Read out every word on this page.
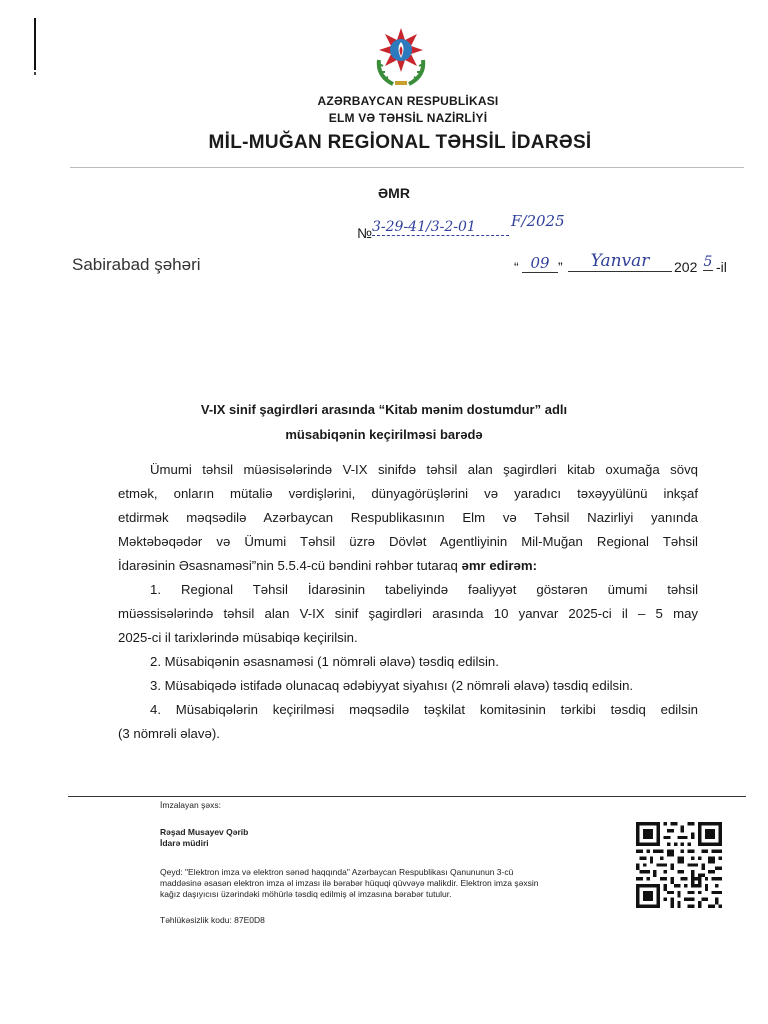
AZƏRBAYCAN RESPUBLİKASI
ELM VƏ TƏHSİL NAZİRLİYİ
MİL-MUĞAN REGİONAL TƏHSİL İDARƏSİ
ƏMR
№ 3-29-41/3-2-01	F/2025
Sabirabad şəhəri	“ 09 ”	Yanvar	202 5 -il
V-IX sinif şagirdləri arasında “Kitab mənim dostumdur” adlı
müsabiqənin keçirilməsi barədə
Ümumi təhsil müəsisələrində V-IX sinifdə təhsil alan şagirdləri kitab oxumağa sövq
etmək, onların mütaliə vərdişlərini, dünyagörüşlərini və yaradıcı təxəyyülünü inkşaf
etdirmək məqsədilə Azərbaycan Respublikasının Elm və Təhsil Nazirliyi yanında
Məktəbəqədər və Ümumi Təhsil üzrə Dövlət Agentliyinin Mil-Muğan Regional Təhsil
İdarəsinin Əsasnaməsi”nin 5.5.4-cü bəndini rəhbər tutaraq əmr edirəm:
1. Regional Təhsil İdarəsinin tabeliyində fəaliyyət göstərən ümumi təhsil
müəssisələrində təhsil alan V-IX sinif şagirdləri arasında 10 yanvar 2025-ci il – 5 may
2025-ci il tarixlərində müsabiqə keçirilsin.
2. Müsabiqənin əsasnaməsi (1 nömrəli əlavə) təsdiq edilsin.
3. Müsabiqədə istifadə olunacaq ədəbiyyat siyahısı (2 nömrəli əlavə) təsdiq edilsin.
4. Müsabiqələrin keçirilməsi məqsədilə təşkilat komitəsinin tərkibi təsdiq edilsin
(3 nömrəli əlavə).
İmzalayan şəxs:
Rəşad Musayev Qərib
İdarə müdiri
Qeyd: "Elektron imza və elektron sənəd haqqında" Azərbaycan Respublikası Qanununun 3-cü
maddəsinə əsasən elektron imza əl imzası ilə bərabər hüquqi qüvvəyə malikdir. Elektron imza şəxsin
kağız daşıyıcısı üzərindəki möhürlə təsdiq edilmiş əl imzasına bərabər tutulur.
Təhlükəsizlik kodu: 87E0D8
